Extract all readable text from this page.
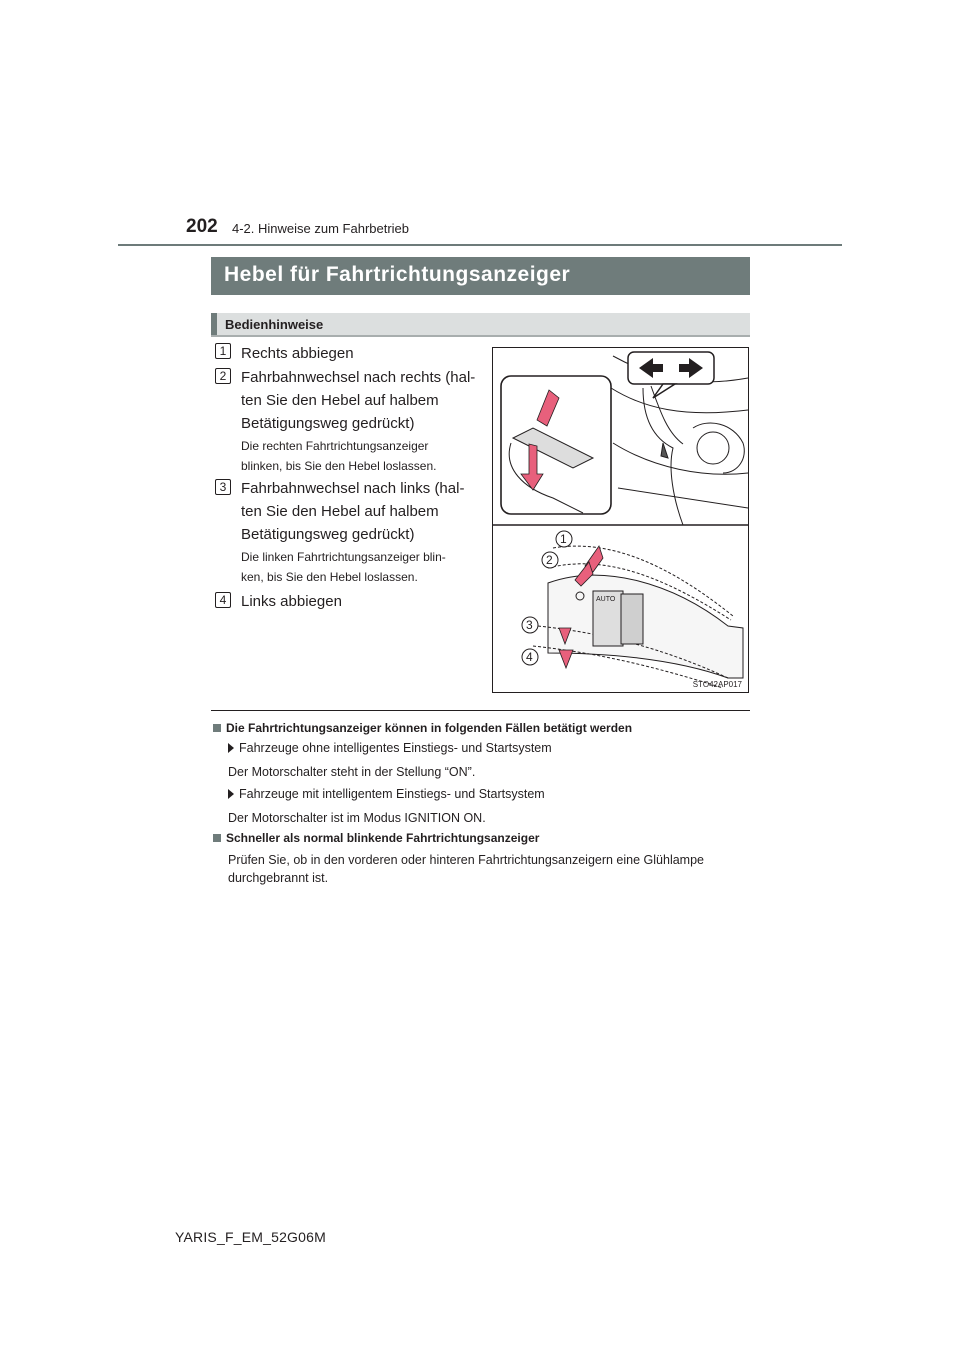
202 4-2. Hinweise zum Fahrbetrieb
Hebel für Fahrtrichtungsanzeiger
Bedienhinweise
1 Rechts abbiegen
2 Fahrbahnwechsel nach rechts (hal-
ten Sie den Hebel auf halbem
Betätigungsweg gedrückt)
Die rechten Fahrtrichtungsanzeiger
blinken, bis Sie den Hebel loslassen.
3 Fahrbahnwechsel nach links (hal-
ten Sie den Hebel auf halbem
Betätigungsweg gedrückt)
Die linken Fahrtrichtungsanzeiger blin-
ken, bis Sie den Hebel loslassen.
4 Links abbiegen	AUTO
1
2
3
4
STO42AP017
Die Fahrtrichtungsanzeiger können in folgenden Fällen betätigt werden
Fahrzeuge ohne intelligentes Einstiegs- und Startsystem
Der Motorschalter steht in der Stellung “ON”.
Fahrzeuge mit intelligentem Einstiegs- und Startsystem
Der Motorschalter ist im Modus IGNITION ON.
Schneller als normal blinkende Fahrtrichtungsanzeiger
Prüfen Sie, ob in den vorderen oder hinteren Fahrtrichtungsanzeigern eine Glühlampe
durchgebrannt ist.
YARIS_F_EM_52G06M
